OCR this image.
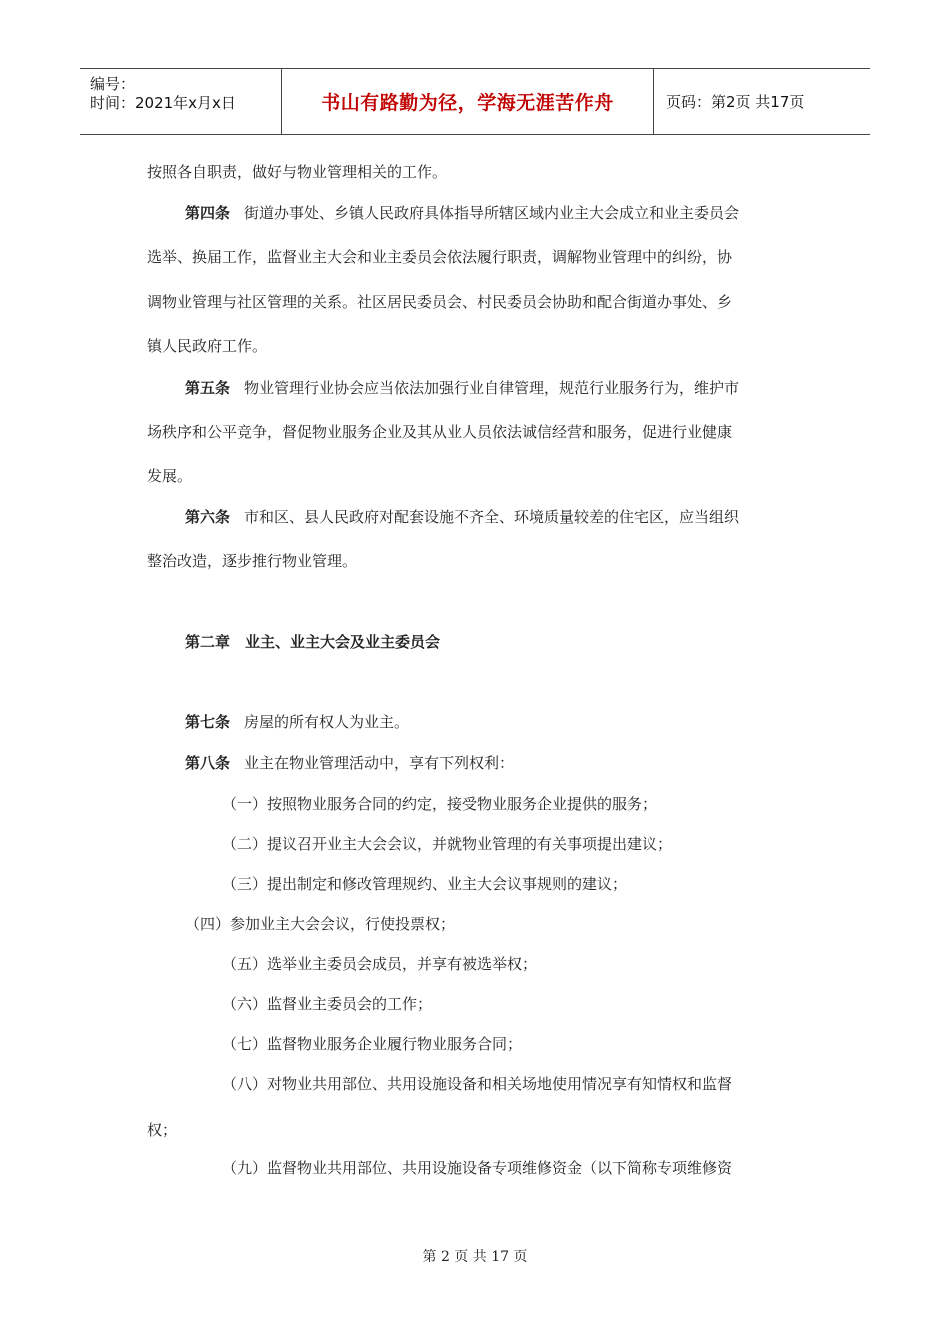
编号：
时间：2021年x月x日	书山有路勤为径，学海无涯苦作舟	页码：第2页 共17页
按照各自职责，做好与物业管理相关的工作。
第四条 街道办事处、乡镇人民政府具体指导所辖区域内业主大会成立和业主委员会
选举、换届工作，监督业主大会和业主委员会依法履行职责，调解物业管理中的纠纷，协
调物业管理与社区管理的关系。社区居民委员会、村民委员会协助和配合街道办事处、乡
镇人民政府工作。
第五条 物业管理行业协会应当依法加强行业自律管理，规范行业服务行为，维护市
场秩序和公平竞争，督促物业服务企业及其从业人员依法诚信经营和服务，促进行业健康
发展。
第六条 市和区、县人民政府对配套设施不齐全、环境质量较差的住宅区，应当组织
整治改造，逐步推行物业管理。
第二章　业主、业主大会及业主委员会
第七条 房屋的所有权人为业主。
第八条 业主在物业管理活动中，享有下列权利：
（一）按照物业服务合同的约定，接受物业服务企业提供的服务；
（二）提议召开业主大会会议，并就物业管理的有关事项提出建议；
（三）提出制定和修改管理规约、业主大会议事规则的建议；
（四）参加业主大会会议，行使投票权；
（五）选举业主委员会成员，并享有被选举权；
（六）监督业主委员会的工作；
（七）监督物业服务企业履行物业服务合同；
（八）对物业共用部位、共用设施设备和相关场地使用情况享有知情权和监督
权；
（九）监督物业共用部位、共用设施设备专项维修资金（以下简称专项维修资
第 2 页 共 17 页
